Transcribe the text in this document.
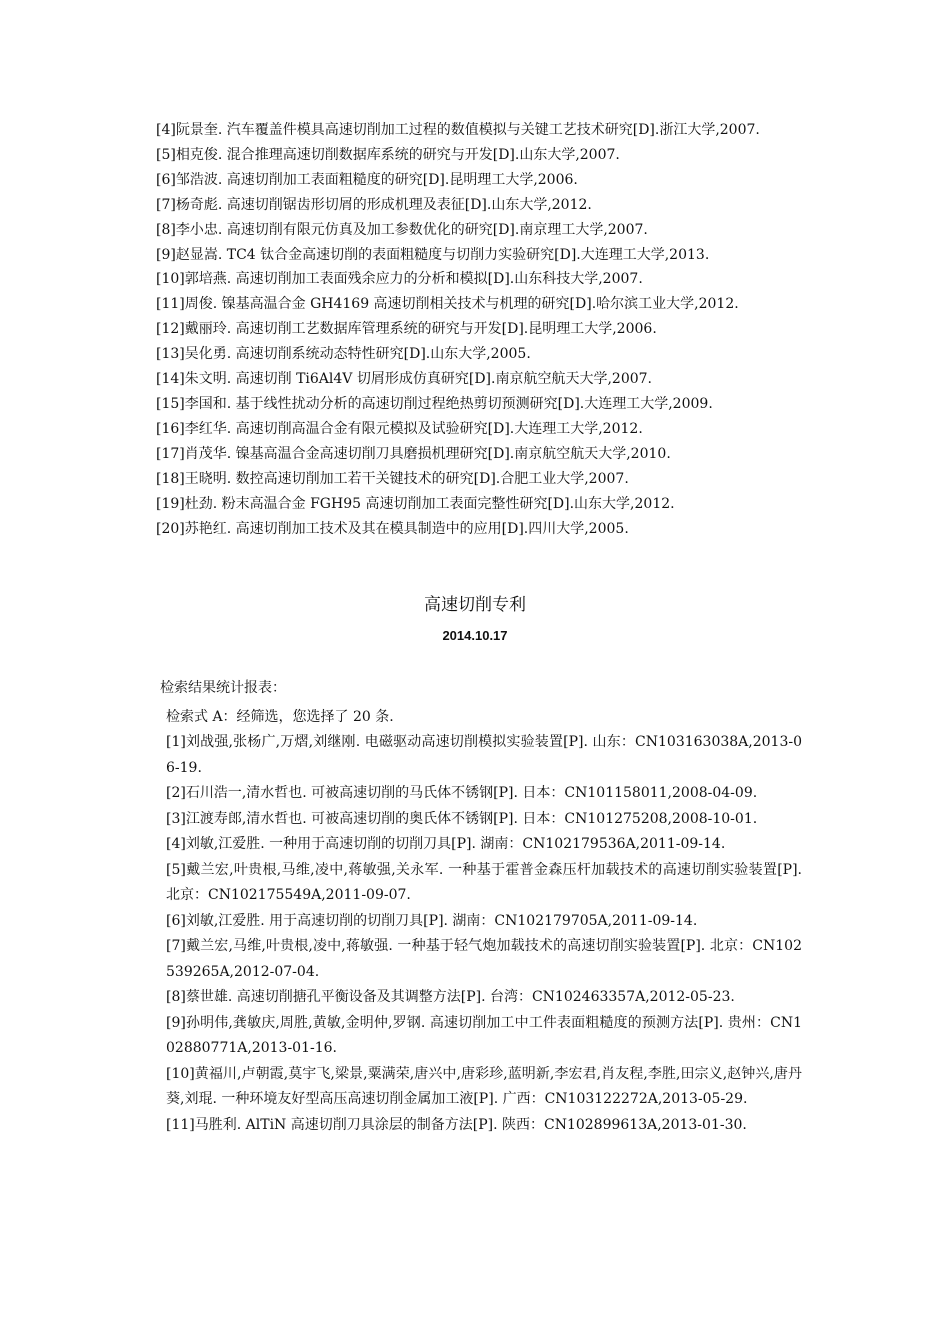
[4]阮景奎. 汽车覆盖件模具高速切削加工过程的数值模拟与关键工艺技术研究[D].浙江大学,2007.

[5]相克俊. 混合推理高速切削数据库系统的研究与开发[D].山东大学,2007.

[6]邹浩波. 高速切削加工表面粗糙度的研究[D].昆明理工大学,2006.

[7]杨奇彪. 高速切削锯齿形切屑的形成机理及表征[D].山东大学,2012.

[8]李小忠. 高速切削有限元仿真及加工参数优化的研究[D].南京理工大学,2007.

[9]赵显嵩. TC4 钛合金高速切削的表面粗糙度与切削力实验研究[D].大连理工大学,2013.

[10]郭培燕. 高速切削加工表面残余应力的分析和模拟[D].山东科技大学,2007.

[11]周俊. 镍基高温合金 GH4169 高速切削相关技术与机理的研究[D].哈尔滨工业大学,2012.

[12]戴丽玲. 高速切削工艺数据库管理系统的研究与开发[D].昆明理工大学,2006.

[13]吴化勇. 高速切削系统动态特性研究[D].山东大学,2005.

[14]朱文明. 高速切削 Ti6Al4V 切屑形成仿真研究[D].南京航空航天大学,2007.

[15]李国和. 基于线性扰动分析的高速切削过程绝热剪切预测研究[D].大连理工大学,2009.

[16]李红华. 高速切削高温合金有限元模拟及试验研究[D].大连理工大学,2012.

[17]肖茂华. 镍基高温合金高速切削刀具磨损机理研究[D].南京航空航天大学,2010.

[18]王晓明. 数控高速切削加工若干关键技术的研究[D].合肥工业大学,2007.

[19]杜劲. 粉末高温合金 FGH95 高速切削加工表面完整性研究[D].山东大学,2012.

[20]苏艳红. 高速切削加工技术及其在模具制造中的应用[D].四川大学,2005.

高速切削专利
2014.10.17
检索结果统计报表：

检索式 A：经筛选，您选择了 20 条.

[1]刘战强,张杨广,万熠,刘继刚. 电磁驱动高速切削模拟实验装置[P]. 山东：CN103163038A,2013-06-19.

[2]石川浩一,清水哲也. 可被高速切削的马氏体不锈钢[P]. 日本：CN101158011,2008-04-09.

[3]江渡寿郎,清水哲也. 可被高速切削的奥氏体不锈钢[P]. 日本：CN101275208,2008-10-01.

[4]刘敏,江爱胜. 一种用于高速切削的切削刀具[P]. 湖南：CN102179536A,2011-09-14.

[5]戴兰宏,叶贵根,马维,凌中,蒋敏强,关永军. 一种基于霍普金森压杆加载技术的高速切削实验装置[P]. 北京：CN102175549A,2011-09-07.

[6]刘敏,江爱胜. 用于高速切削的切削刀具[P]. 湖南：CN102179705A,2011-09-14.

[7]戴兰宏,马维,叶贵根,凌中,蒋敏强. 一种基于轻气炮加载技术的高速切削实验装置[P]. 北京：CN102539265A,2012-07-04.

[8]蔡世雄. 高速切削搪孔平衡设备及其调整方法[P]. 台湾：CN102463357A,2012-05-23.

[9]孙明伟,龚敏庆,周胜,黄敏,金明仲,罗钢. 高速切削加工中工件表面粗糙度的预测方法[P]. 贵州：CN102880771A,2013-01-16.

[10]黄福川,卢朝霞,莫宇飞,梁景,粟满荣,唐兴中,唐彩珍,蓝明新,李宏君,肖友程,李胜,田宗义,赵钟兴,唐丹葵,刘琨. 一种环境友好型高压高速切削金属加工液[P]. 广西：CN103122272A,2013-05-29.

[11]马胜利. AlTiN 高速切削刀具涂层的制备方法[P]. 陕西：CN102899613A,2013-01-30.
